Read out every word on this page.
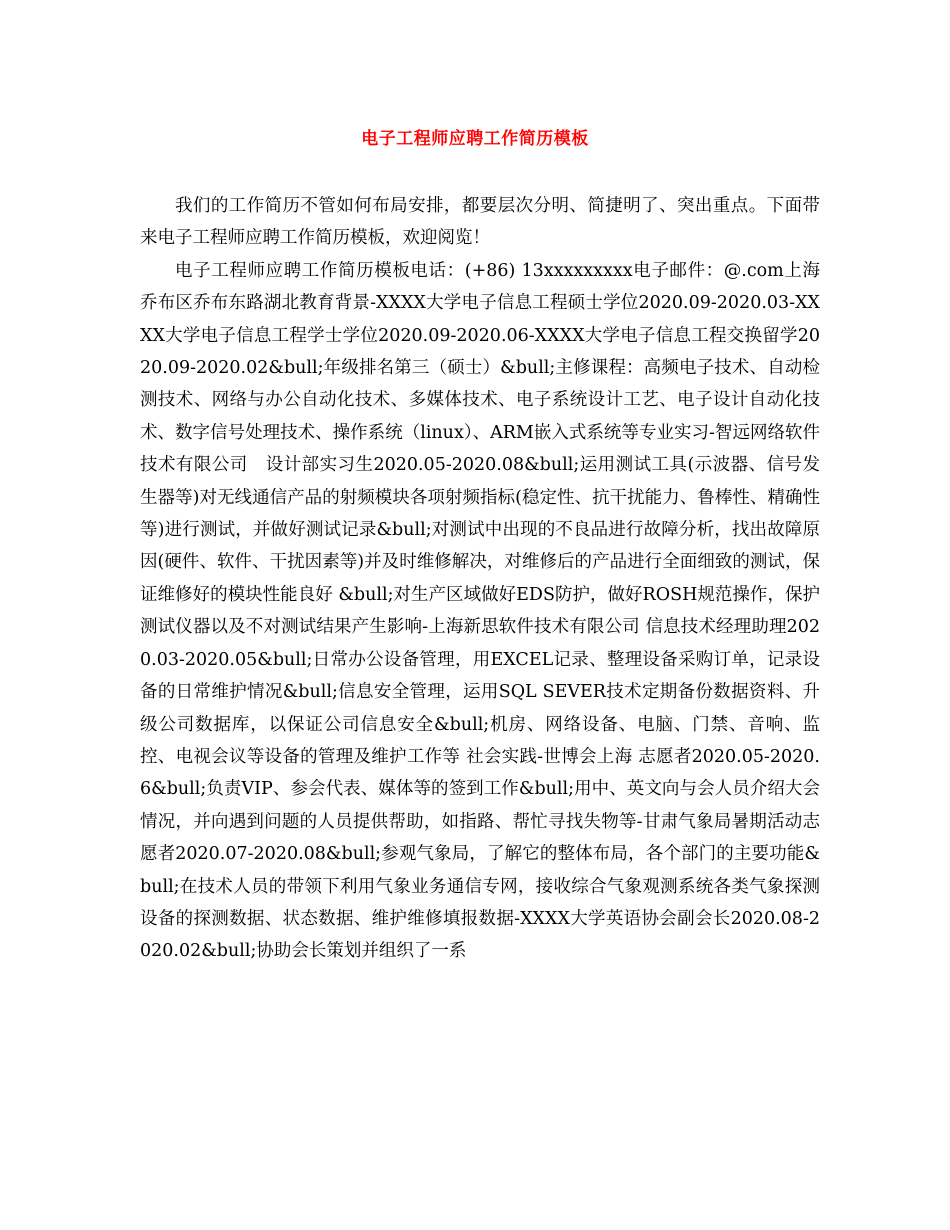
电子工程师应聘工作简历模板

我们的工作简历不管如何布局安排，都要层次分明、简捷明了、突出重点。下面带来电子工程师应聘工作简历模板，欢迎阅览！

电子工程师应聘工作简历模板电话：(+86) 13xxxxxxxxx电子邮件：@.com上海乔布区乔布东路湖北教育背景-XXXX大学电子信息工程硕士学位2020.09-2020.03-XXXX大学电子信息工程学士学位2020.09-2020.06-XXXX大学电子信息工程交换留学2020.09-2020.02&bull;年级排名第三（硕士）&bull;主修课程：高频电子技术、自动检测技术、网络与办公自动化技术、多媒体技术、电子系统设计工艺、电子设计自动化技术、数字信号处理技术、操作系统（linux）、ARM嵌入式系统等专业实习-智远网络软件技术有限公司　设计部实习生2020.05-2020.08&bull;运用测试工具(示波器、信号发生器等)对无线通信产品的射频模块各项射频指标(稳定性、抗干扰能力、鲁棒性、精确性等)进行测试，并做好测试记录&bull;对测试中出现的不良品进行故障分析，找出故障原因(硬件、软件、干扰因素等)并及时维修解决，对维修后的产品进行全面细致的测试，保证维修好的模块性能良好 &bull;对生产区域做好EDS防护，做好ROSH规范操作，保护测试仪器以及不对测试结果产生影响-上海新思软件技术有限公司 信息技术经理助理2020.03-2020.05&bull;日常办公设备管理，用EXCEL记录、整理设备采购订单，记录设备的日常维护情况&bull;信息安全管理，运用SQL SEVER技术定期备份数据资料、升级公司数据库，以保证公司信息安全&bull;机房、网络设备、电脑、门禁、音响、监控、电视会议等设备的管理及维护工作等 社会实践-世博会上海 志愿者2020.05-2020.6&bull;负责VIP、参会代表、媒体等的签到工作&bull;用中、英文向与会人员介绍大会情况，并向遇到问题的人员提供帮助，如指路、帮忙寻找失物等-甘肃气象局暑期活动志愿者2020.07-2020.08&bull;参观气象局，了解它的整体布局，各个部门的主要功能&bull;在技术人员的带领下利用气象业务通信专网，接收综合气象观测系统各类气象探测设备的探测数据、状态数据、维护维修填报数据-XXXX大学英语协会副会长2020.08-2020.02&bull;协助会长策划并组织了一系
